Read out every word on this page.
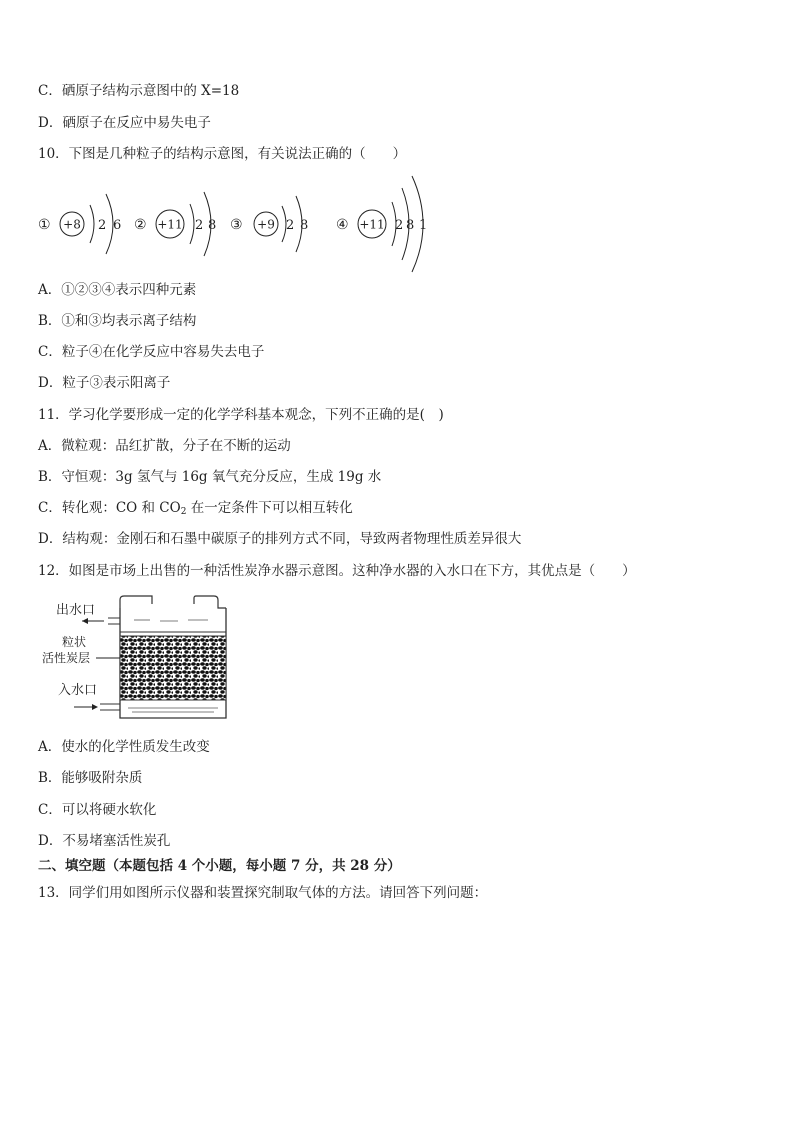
C．硒原子结构示意图中的 X=18
D．硒原子在反应中易失电子
10．下图是几种粒子的结构示意图，有关说法正确的（　　）
① +8 2 6 ② +11 2 8 ③ +9 2 8 ④ +11 2 8 1
A．①②③④表示四种元素
B．①和③均表示离子结构
C．粒子④在化学反应中容易失去电子
D．粒子③表示阳离子
11．学习化学要形成一定的化学学科基本观念，下列不正确的是(　)
A．微粒观：品红扩散，分子在不断的运动
B．守恒观：3g 氢气与 16g 氧气充分反应，生成 19g 水
C．转化观：CO 和 $CO_2$ 在一定条件下可以相互转化
D．结构观：金刚石和石墨中碳原子的排列方式不同，导致两者物理性质差异很大
12．如图是市场上出售的一种活性炭净水器示意图。这种净水器的入水口在下方，其优点是（　　）
出水口
粒状
活性炭层
入水口
A．使水的化学性质发生改变
B．能够吸附杂质
C．可以将硬水软化
D．不易堵塞活性炭孔
二、填空题（本题包括 4 个小题，每小题 7 分，共 28 分）
13．同学们用如图所示仪器和装置探究制取气体的方法。请回答下列问题：
